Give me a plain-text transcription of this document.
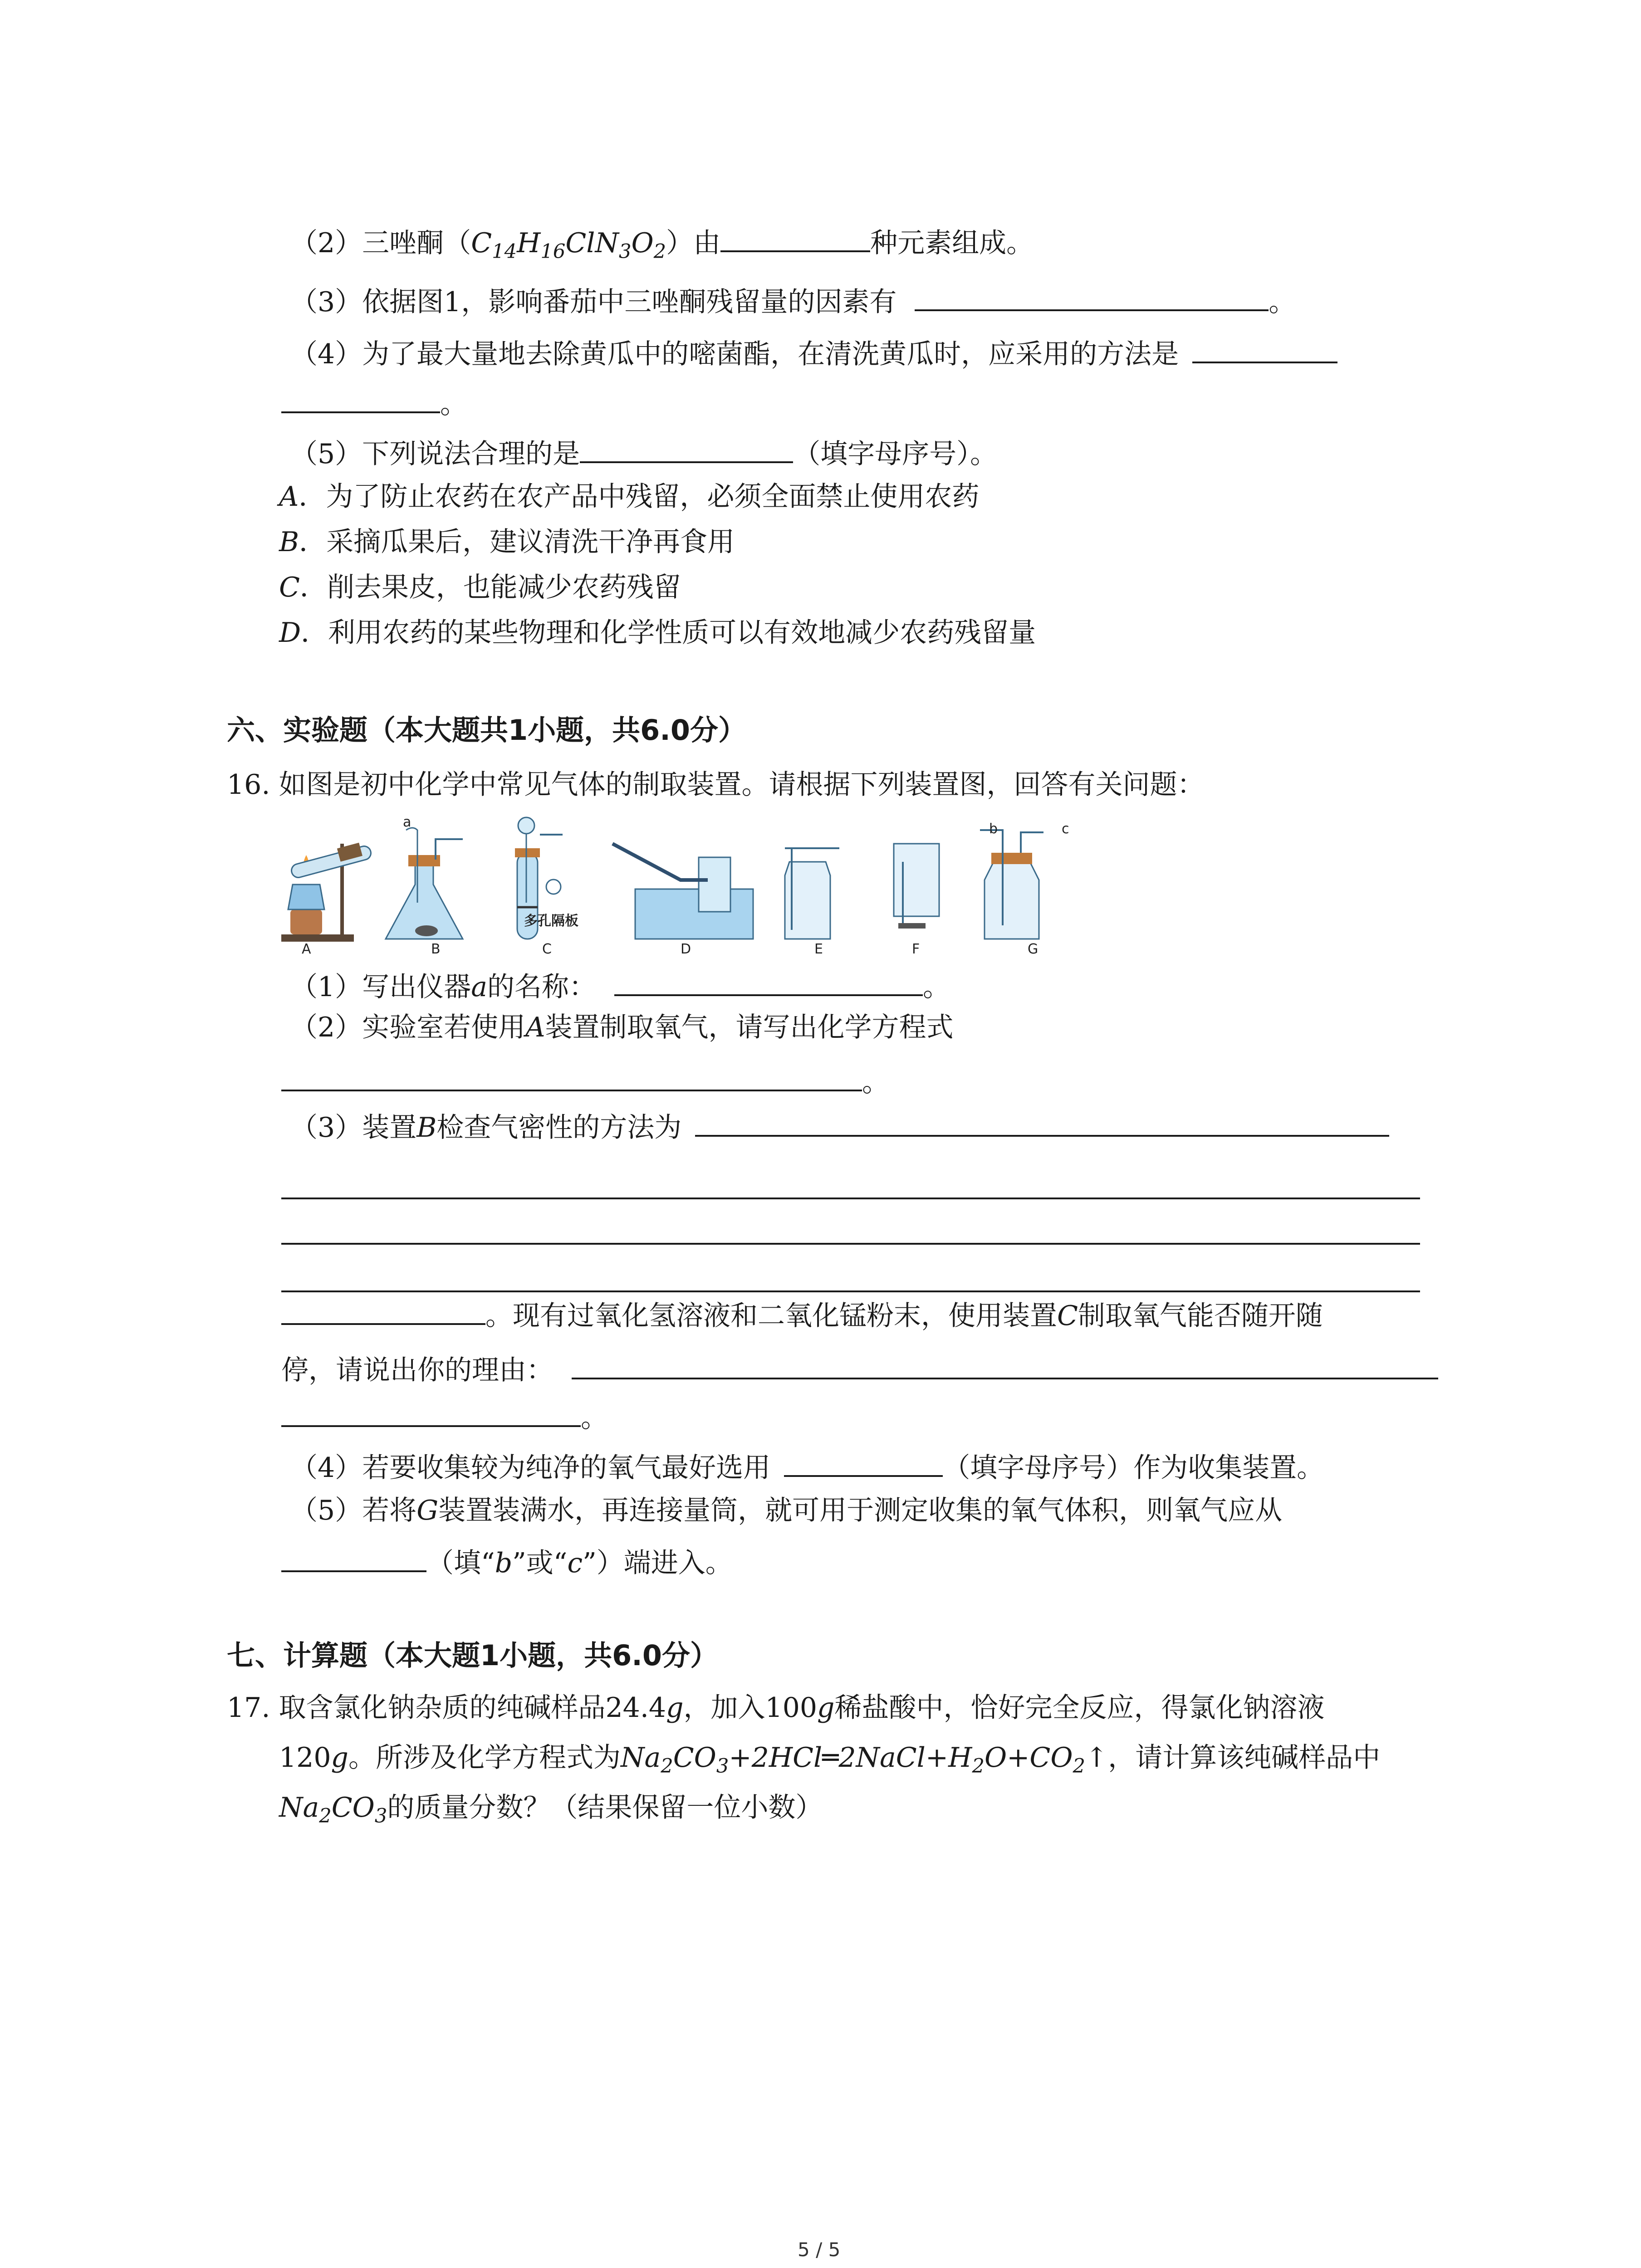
（2）三唑酮$(C_{14}H_{16}ClN_3O_2)$由	种元素组成。
（3）依据图1，影响番茄中三唑酮残留量的因素有	。
（4）为了最大量地去除黄瓜中的嘧菌酯，在清洗黄瓜时，应采用的方法是
。
（5）下列说法合理的是	（填字母序号）。
A．为了防止农药在农产品中残留，必须全面禁止使用农药
B．采摘瓜果后，建议清洗干净再食用
C．削去果皮，也能减少农药残留
D．利用农药的某些物理和化学性质可以有效地减少农药残留量
六、实验题（本大题共1小题，共6.0分）
16. 如图是初中化学中常见气体的制取装置。请根据下列装置图，回答有关问题：
a	b	c
多孔隔板
A	B	C	D	E	F	G
（1）写出仪器a的名称：	。
（2）实验室若使用A装置制取氧气，请写出化学方程式
。
（3）装置B检查气密性的方法为
。现有过氧化氢溶液和二氧化锰粉末，使用装置C制取氧气能否随开随
停，请说出你的理由：
。
（4）若要收集较为纯净的氧气最好选用	（填字母序号）作为收集装置。
（5）若将G装置装满水，再连接量筒，就可用于测定收集的氧气体积，则氧气应从
（填“b”或“c”）端进入。
七、计算题（本大题1小题，共6.0分）
17. 取含氯化钠杂质的纯碱样品24.4g，加入100g稀盐酸中，恰好完全反应，得氯化钠溶液
120g。所涉及化学方程式为$Na_2CO_3+2HCl═2NaCl+H_2O+CO_2↑$，请计算该纯碱样品中
$Na_2CO_3$的质量分数？（结果保留一位小数）
5 / 5
